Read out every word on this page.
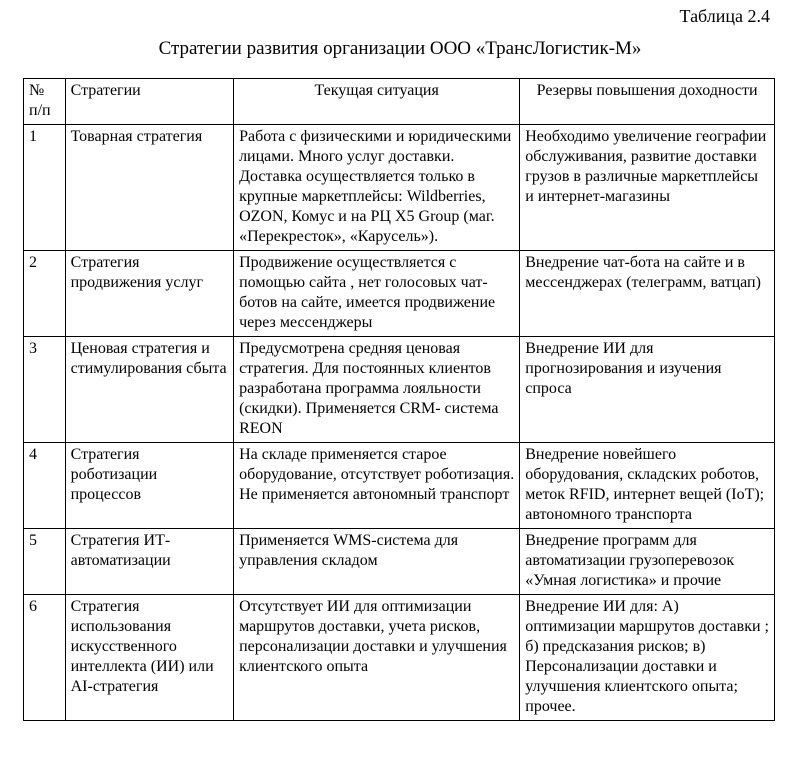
Таблица 2.4
Стратегии развития организации ООО «ТрансЛогистик-М»
№ п/п	Стратегии	Текущая ситуация	Резервы повышения доходности
1	Товарная стратегия	Работа с физическими и юридическими лицами. Много услуг доставки. Доставка осуществляется только в крупные маркетплейсы: Wildberries, OZON, Комус и на РЦ X5 Group (маг. «Перекресток», «Карусель»).	Необходимо увеличение географии обслуживания, развитие доставки грузов в различные маркетплейсы и интернет-магазины
2	Стратегия продвижения услуг	Продвижение осуществляется с помощью сайта , нет голосовых чат-ботов на сайте, имеется продвижение через мессенджеры	Внедрение чат-бота на сайте и в мессенджерах (телеграмм, ватцап)
3	Ценовая стратегия и стимулирования сбыта	Предусмотрена средняя ценовая стратегия. Для постоянных клиентов разработана программа лояльности (скидки). Применяется CRM- система REON	Внедрение ИИ для прогнозирования и изучения спроса
4	Стратегия роботизации процессов	На складе применяется старое оборудование, отсутствует роботизация. Не применяется автономный транспорт	Внедрение новейшего оборудования, складских роботов, меток RFID, интернет вещей (IoT); автономного транспорта
5	Стратегия ИТ- автоматизации	Применяется WMS-система для управления складом	Внедрение программ для автоматизации грузоперевозок «Умная логистика» и прочие
6	Стратегия использования искусственного интеллекта (ИИ) или AI-стратегия	Отсутствует ИИ для оптимизации маршрутов доставки, учета рисков, персонализации доставки и улучшения клиентского опыта	Внедрение ИИ для: А) оптимизации маршрутов доставки ; б) предсказания рисков; в) Персонализации доставки и улучшения клиентского опыта; прочее.
